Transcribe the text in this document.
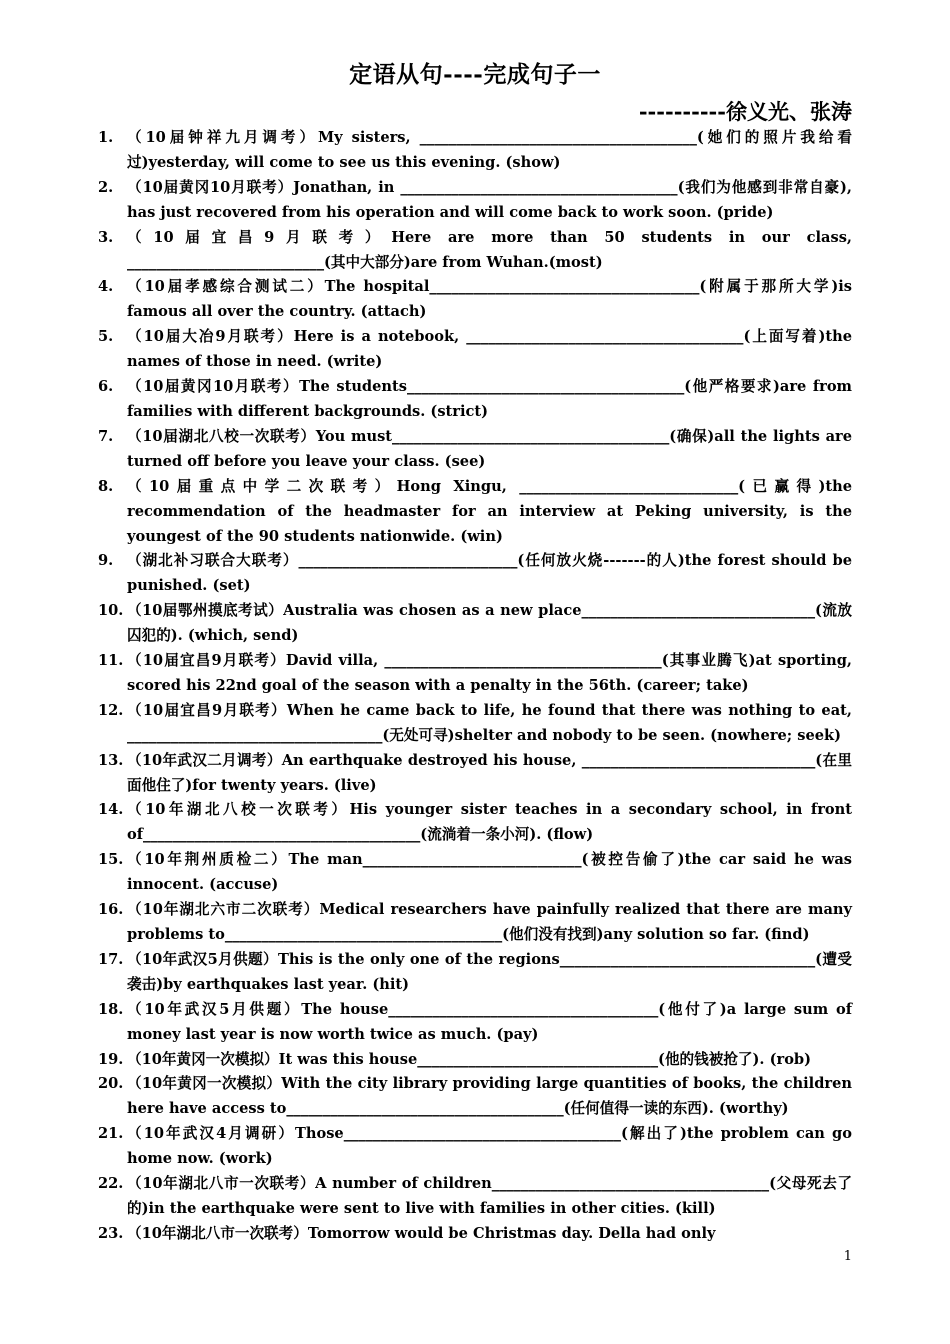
定语从句----完成句子一
----------徐义光、张涛
1. （10届钟祥九月调考）My sisters, ______________________________________(她们的照片我给看过)yesterday, will come to see us this evening. (show)
2. （10届黄冈10月联考）Jonathan, in ______________________________________(我们为他感到非常自豪), has just recovered from his operation and will come back to work soon. (pride)
3. （10届宜昌9月联考）Here are more than 50 students in our class, ___________________________(其中大部分)are from Wuhan.(most)
4. （10届孝感综合测试二）The hospital_____________________________________(附属于那所大学)is famous all over the country. (attach)
5. （10届大冶9月联考）Here is a notebook, ______________________________________(上面写着)the names of those in need. (write)
6. （10届黄冈10月联考）The students______________________________________(他严格要求)are from families with different backgrounds. (strict)
7. （10届湖北八校一次联考）You must______________________________________(确保)all the lights are turned off before you leave your class. (see)
8. （10届重点中学二次联考）Hong Xingu, ______________________________(已赢得)the recommendation of the headmaster for an interview at Peking university, is the youngest of the 90 students nationwide. (win)
9. （湖北补习联合大联考）______________________________(任何放火烧-------的人)the forest should be punished. (set)
10. （10届鄂州摸底考试）Australia was chosen as a new place________________________________(流放囚犯的). (which, send)
11. （10届宜昌9月联考）David villa, ______________________________________(其事业腾飞)at sporting, scored his 22nd goal of the season with a penalty in the 56th. (career; take)
12. （10届宜昌9月联考）When he came back to life, he found that there was nothing to eat, ___________________________________(无处可寻)shelter and nobody to be seen. (nowhere; seek)
13. （10年武汉二月调考）An earthquake destroyed his house, ________________________________(在里面他住了)for twenty years. (live)
14. （10年湖北八校一次联考）His younger sister teaches in a secondary school, in front of______________________________________(流淌着一条小河). (flow)
15. （10年荆州质检二）The man______________________________(被控告偷了)the car said he was innocent. (accuse)
16. （10年湖北六市二次联考）Medical researchers have painfully realized that there are many problems to______________________________________(他们没有找到)any solution so far. (find)
17. （10年武汉5月供题）This is the only one of the regions___________________________________(遭受袭击)by earthquakes last year. (hit)
18. （10年武汉5月供题）The house_____________________________________(他付了)a large sum of money last year is now worth twice as much. (pay)
19. （10年黄冈一次模拟）It was this house_________________________________(他的钱被抢了). (rob)
20. （10年黄冈一次模拟）With the city library providing large quantities of books, the children here have access to______________________________________(任何值得一读的东西). (worthy)
21. （10年武汉4月调研）Those______________________________________(解出了)the problem can go home now. (work)
22. （10年湖北八市一次联考）A number of children______________________________________(父母死去了的)in the earthquake were sent to live with families in other cities. (kill)
23. （10年湖北八市一次联考）Tomorrow would be Christmas day. Della had only
1
